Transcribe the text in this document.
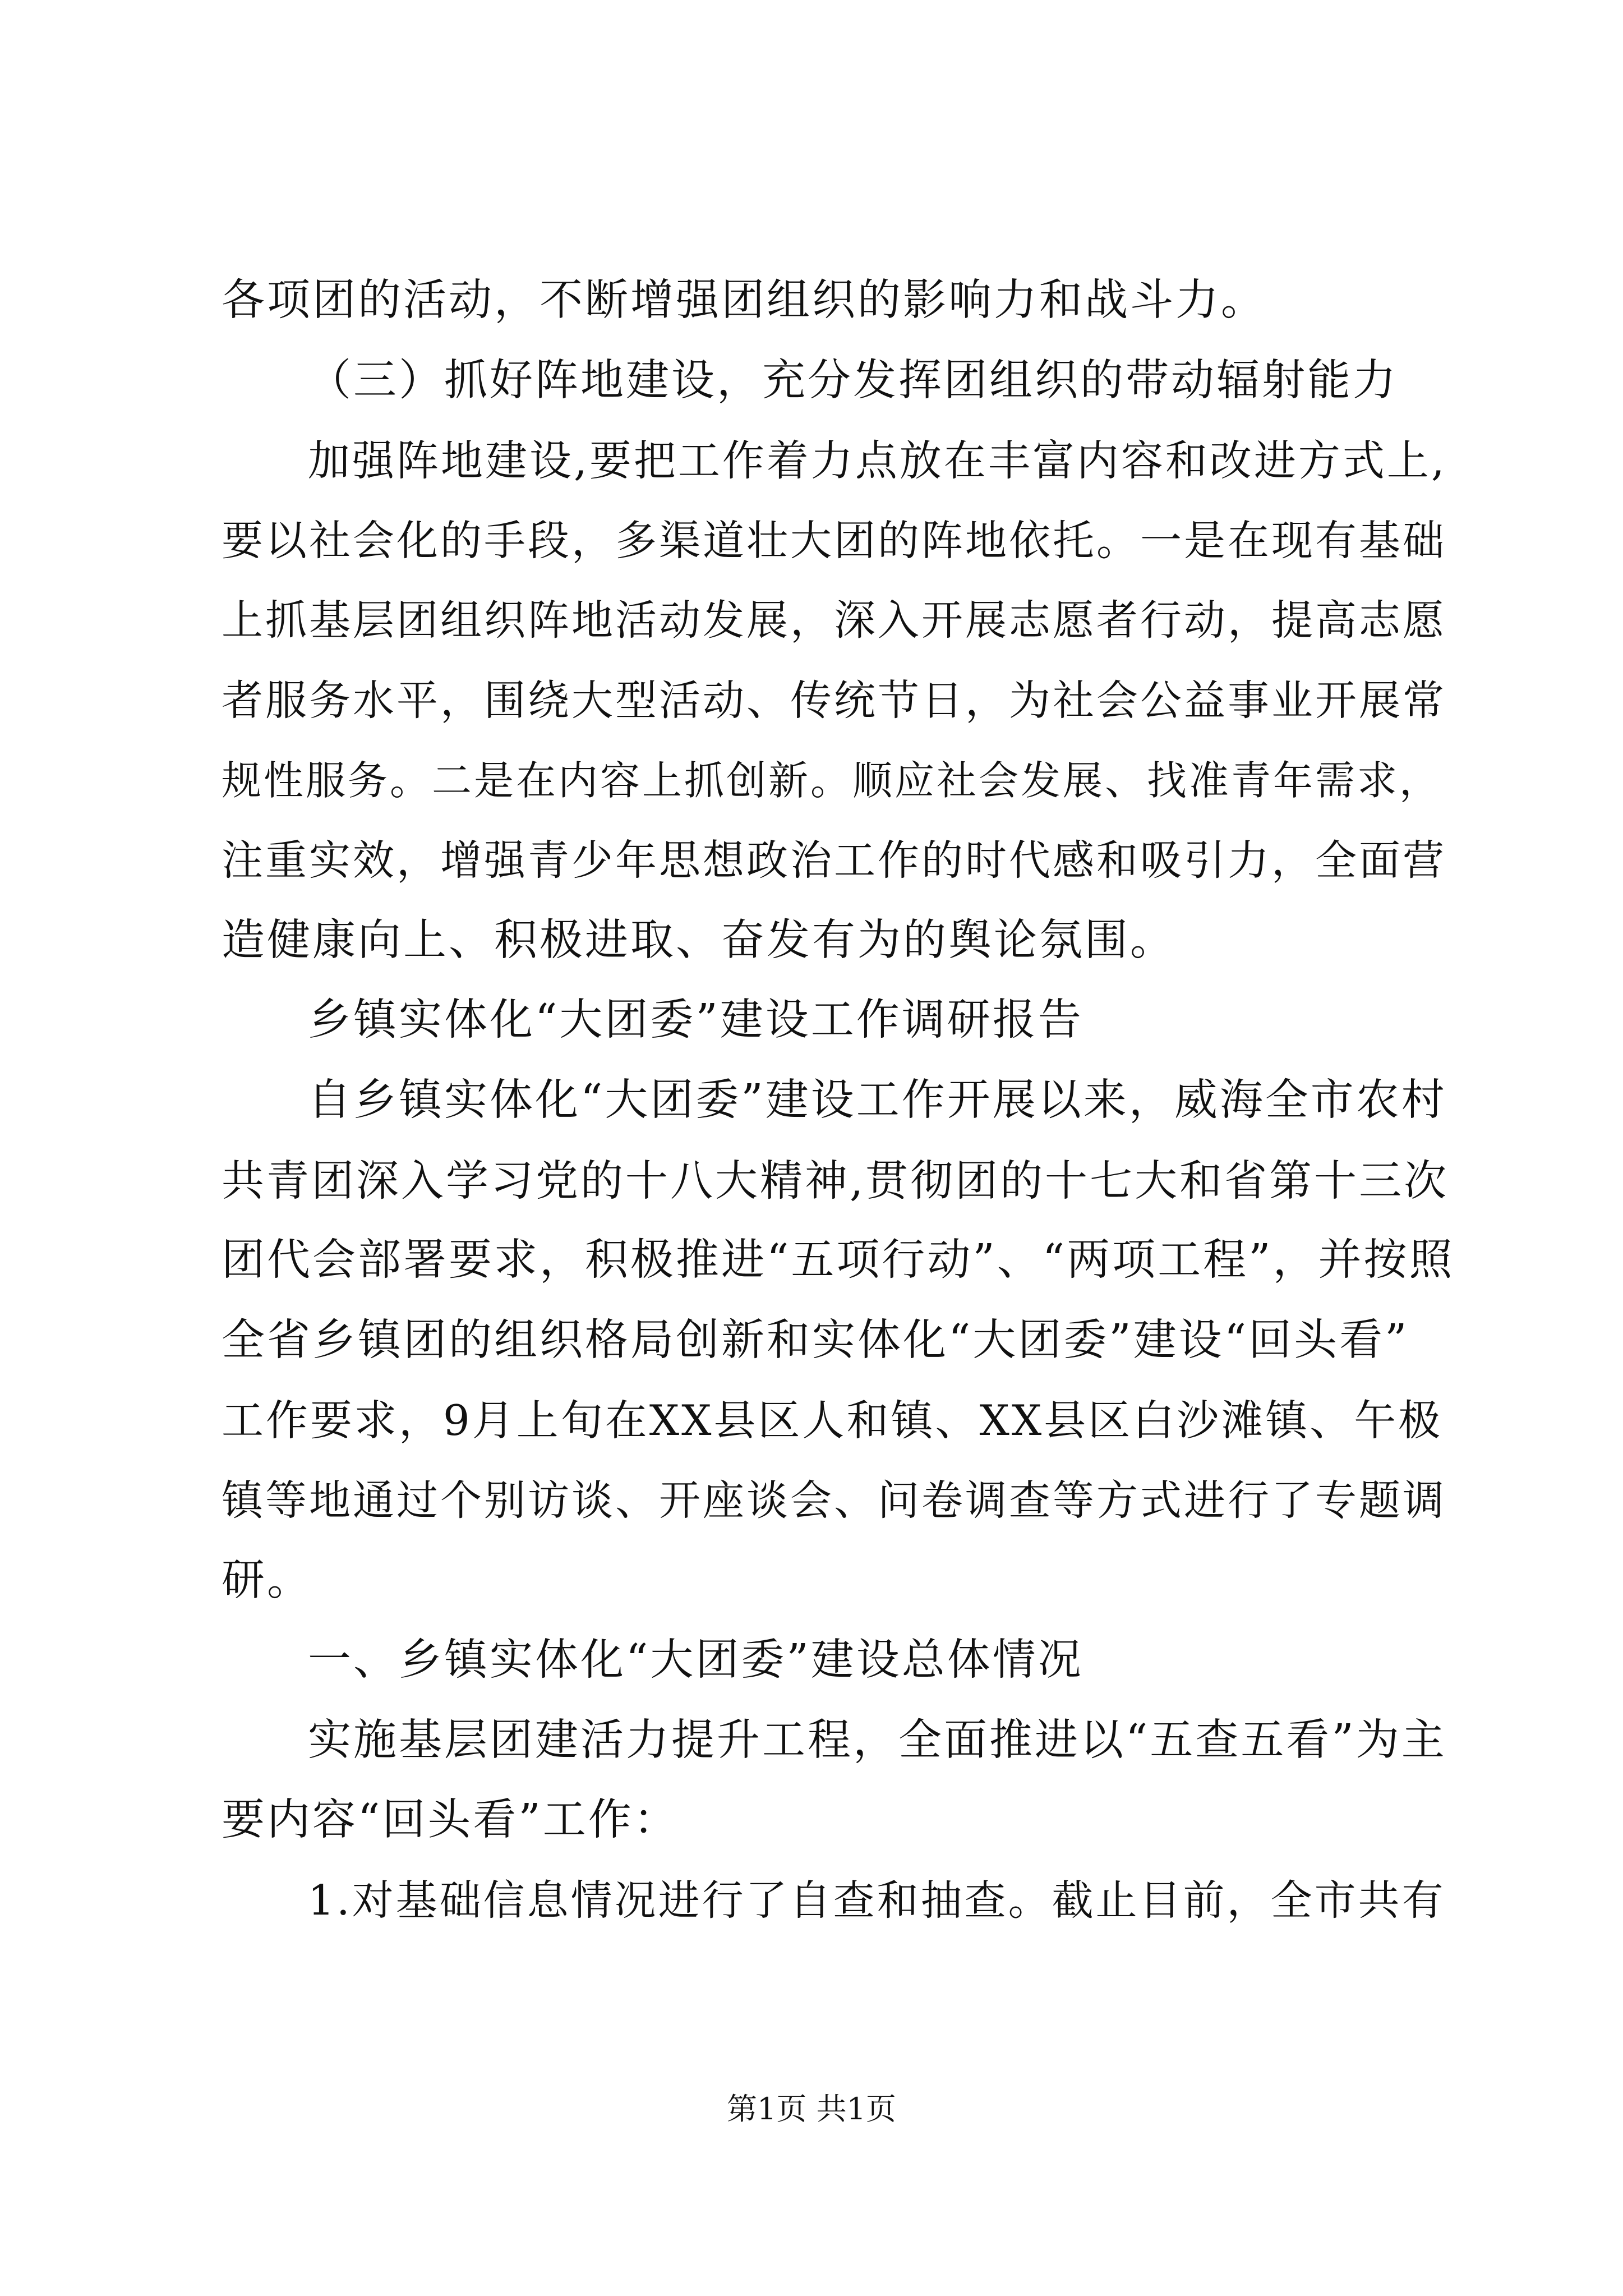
各项团的活动，不断增强团组织的影响力和战斗力。
（三）抓好阵地建设，充分发挥团组织的带动辐射能力
加强阵地建设,要把工作着力点放在丰富内容和改进方式上,
要以社会化的手段，多渠道壮大团的阵地依托。一是在现有基础
上抓基层团组织阵地活动发展，深入开展志愿者行动，提高志愿
者服务水平，围绕大型活动、传统节日，为社会公益事业开展常
规性服务。二是在内容上抓创新。顺应社会发展、找准青年需求，
注重实效，增强青少年思想政治工作的时代感和吸引力，全面营
造健康向上、积极进取、奋发有为的舆论氛围。
乡镇实体化“大团委”建设工作调研报告
自乡镇实体化“大团委”建设工作开展以来，威海全市农村
共青团深入学习党的十八大精神,贯彻团的十七大和省第十三次
团代会部署要求，积极推进“五项行动”、“两项工程”，并按照
全省乡镇团的组织格局创新和实体化“大团委”建设“回头看”
工作要求，9月上旬在XX县区人和镇、XX县区白沙滩镇、午极
镇等地通过个别访谈、开座谈会、问卷调查等方式进行了专题调
研。
一、乡镇实体化“大团委”建设总体情况
实施基层团建活力提升工程，全面推进以“五查五看”为主
要内容“回头看”工作：
1.对基础信息情况进行了自查和抽查。截止目前，全市共有
第1页 共1页
